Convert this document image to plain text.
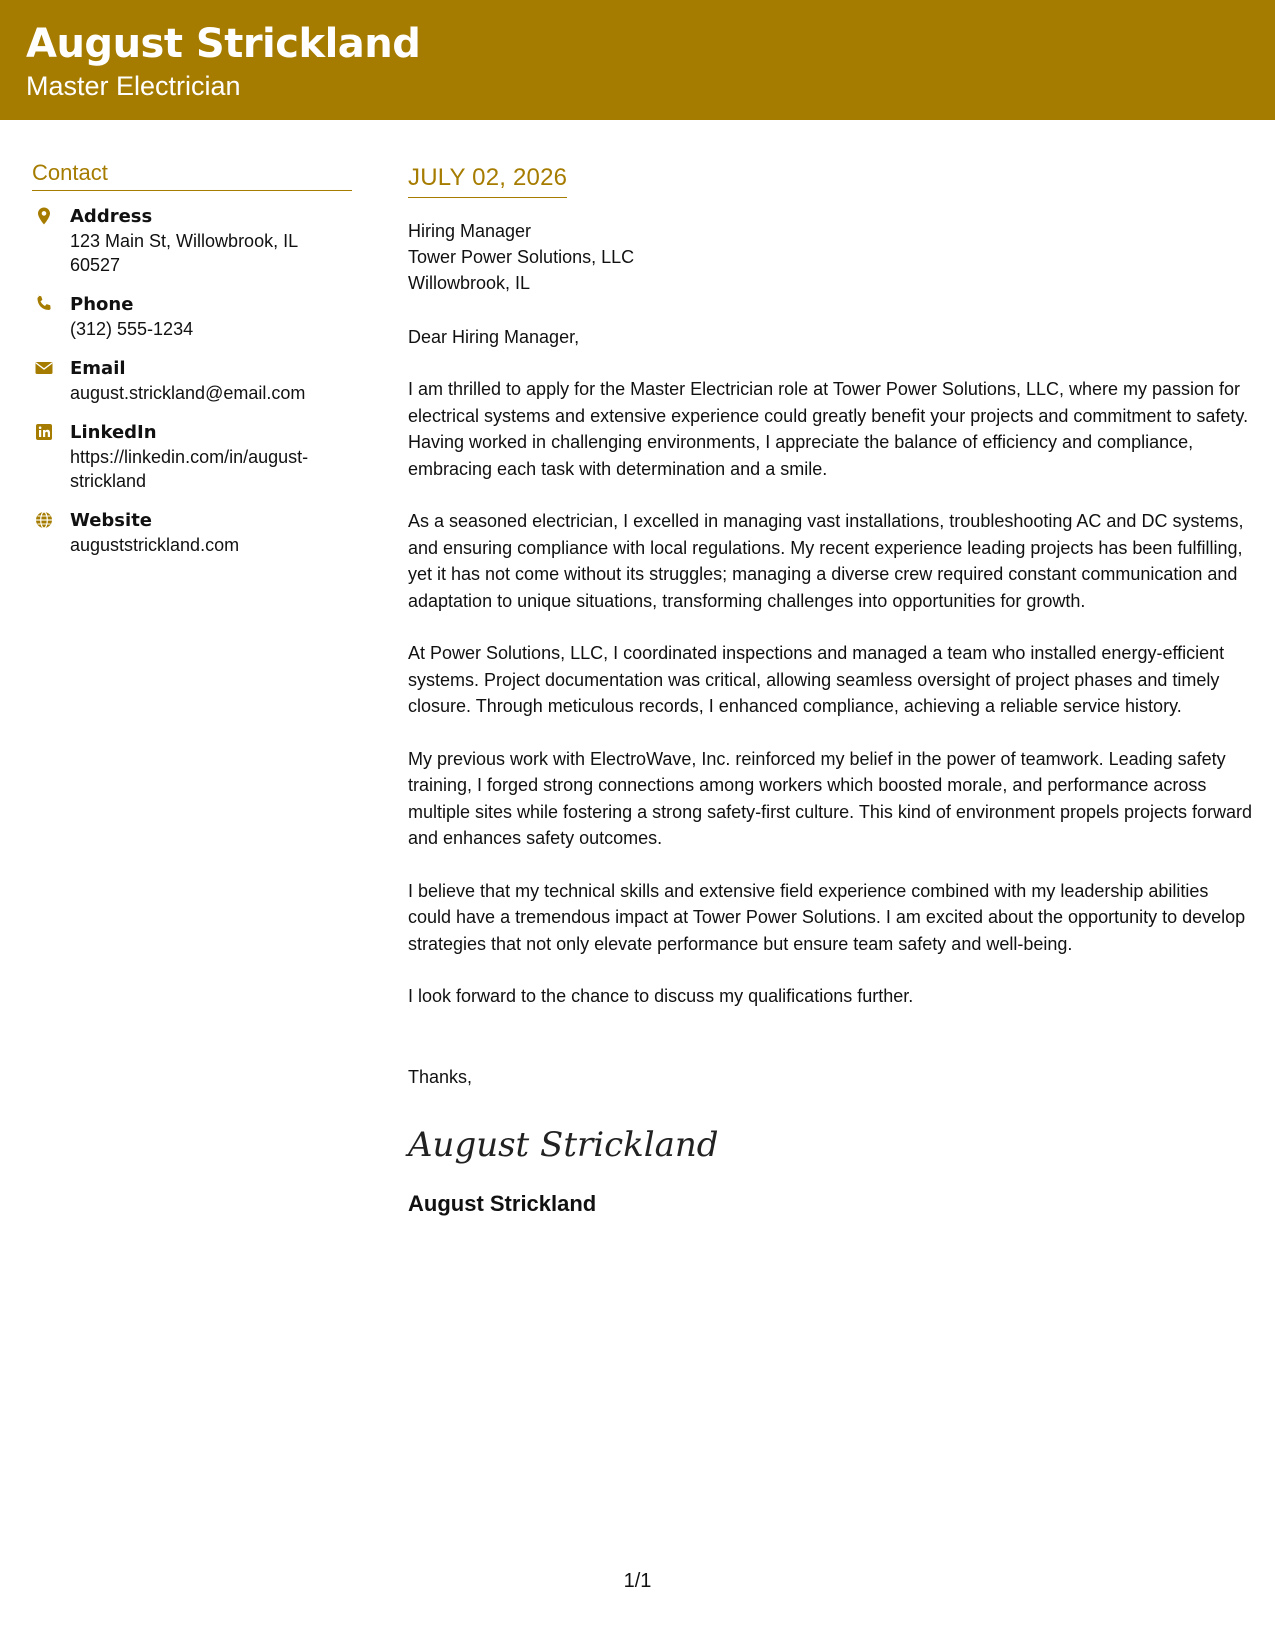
August Strickland
Master Electrician
Contact
Address
123 Main St, Willowbrook, IL 60527
Phone
(312) 555-1234
Email
august.strickland@email.com
LinkedIn
https://linkedin.com/in/august-strickland
Website
auguststrickland.com
JULY 02, 2026
Hiring Manager
Tower Power Solutions, LLC
Willowbrook, IL
Dear Hiring Manager,
I am thrilled to apply for the Master Electrician role at Tower Power Solutions, LLC, where my passion for electrical systems and extensive experience could greatly benefit your projects and commitment to safety. Having worked in challenging environments, I appreciate the balance of efficiency and compliance, embracing each task with determination and a smile.
As a seasoned electrician, I excelled in managing vast installations, troubleshooting AC and DC systems, and ensuring compliance with local regulations. My recent experience leading projects has been fulfilling, yet it has not come without its struggles; managing a diverse crew required constant communication and adaptation to unique situations, transforming challenges into opportunities for growth.
At Power Solutions, LLC, I coordinated inspections and managed a team who installed energy-efficient systems. Project documentation was critical, allowing seamless oversight of project phases and timely closure. Through meticulous records, I enhanced compliance, achieving a reliable service history.
My previous work with ElectroWave, Inc. reinforced my belief in the power of teamwork. Leading safety training, I forged strong connections among workers which boosted morale, and performance across multiple sites while fostering a strong safety-first culture. This kind of environment propels projects forward and enhances safety outcomes.
I believe that my technical skills and extensive field experience combined with my leadership abilities could have a tremendous impact at Tower Power Solutions. I am excited about the opportunity to develop strategies that not only elevate performance but ensure team safety and well-being.
I look forward to the chance to discuss my qualifications further.
Thanks,
August Strickland
August Strickland
1/1
